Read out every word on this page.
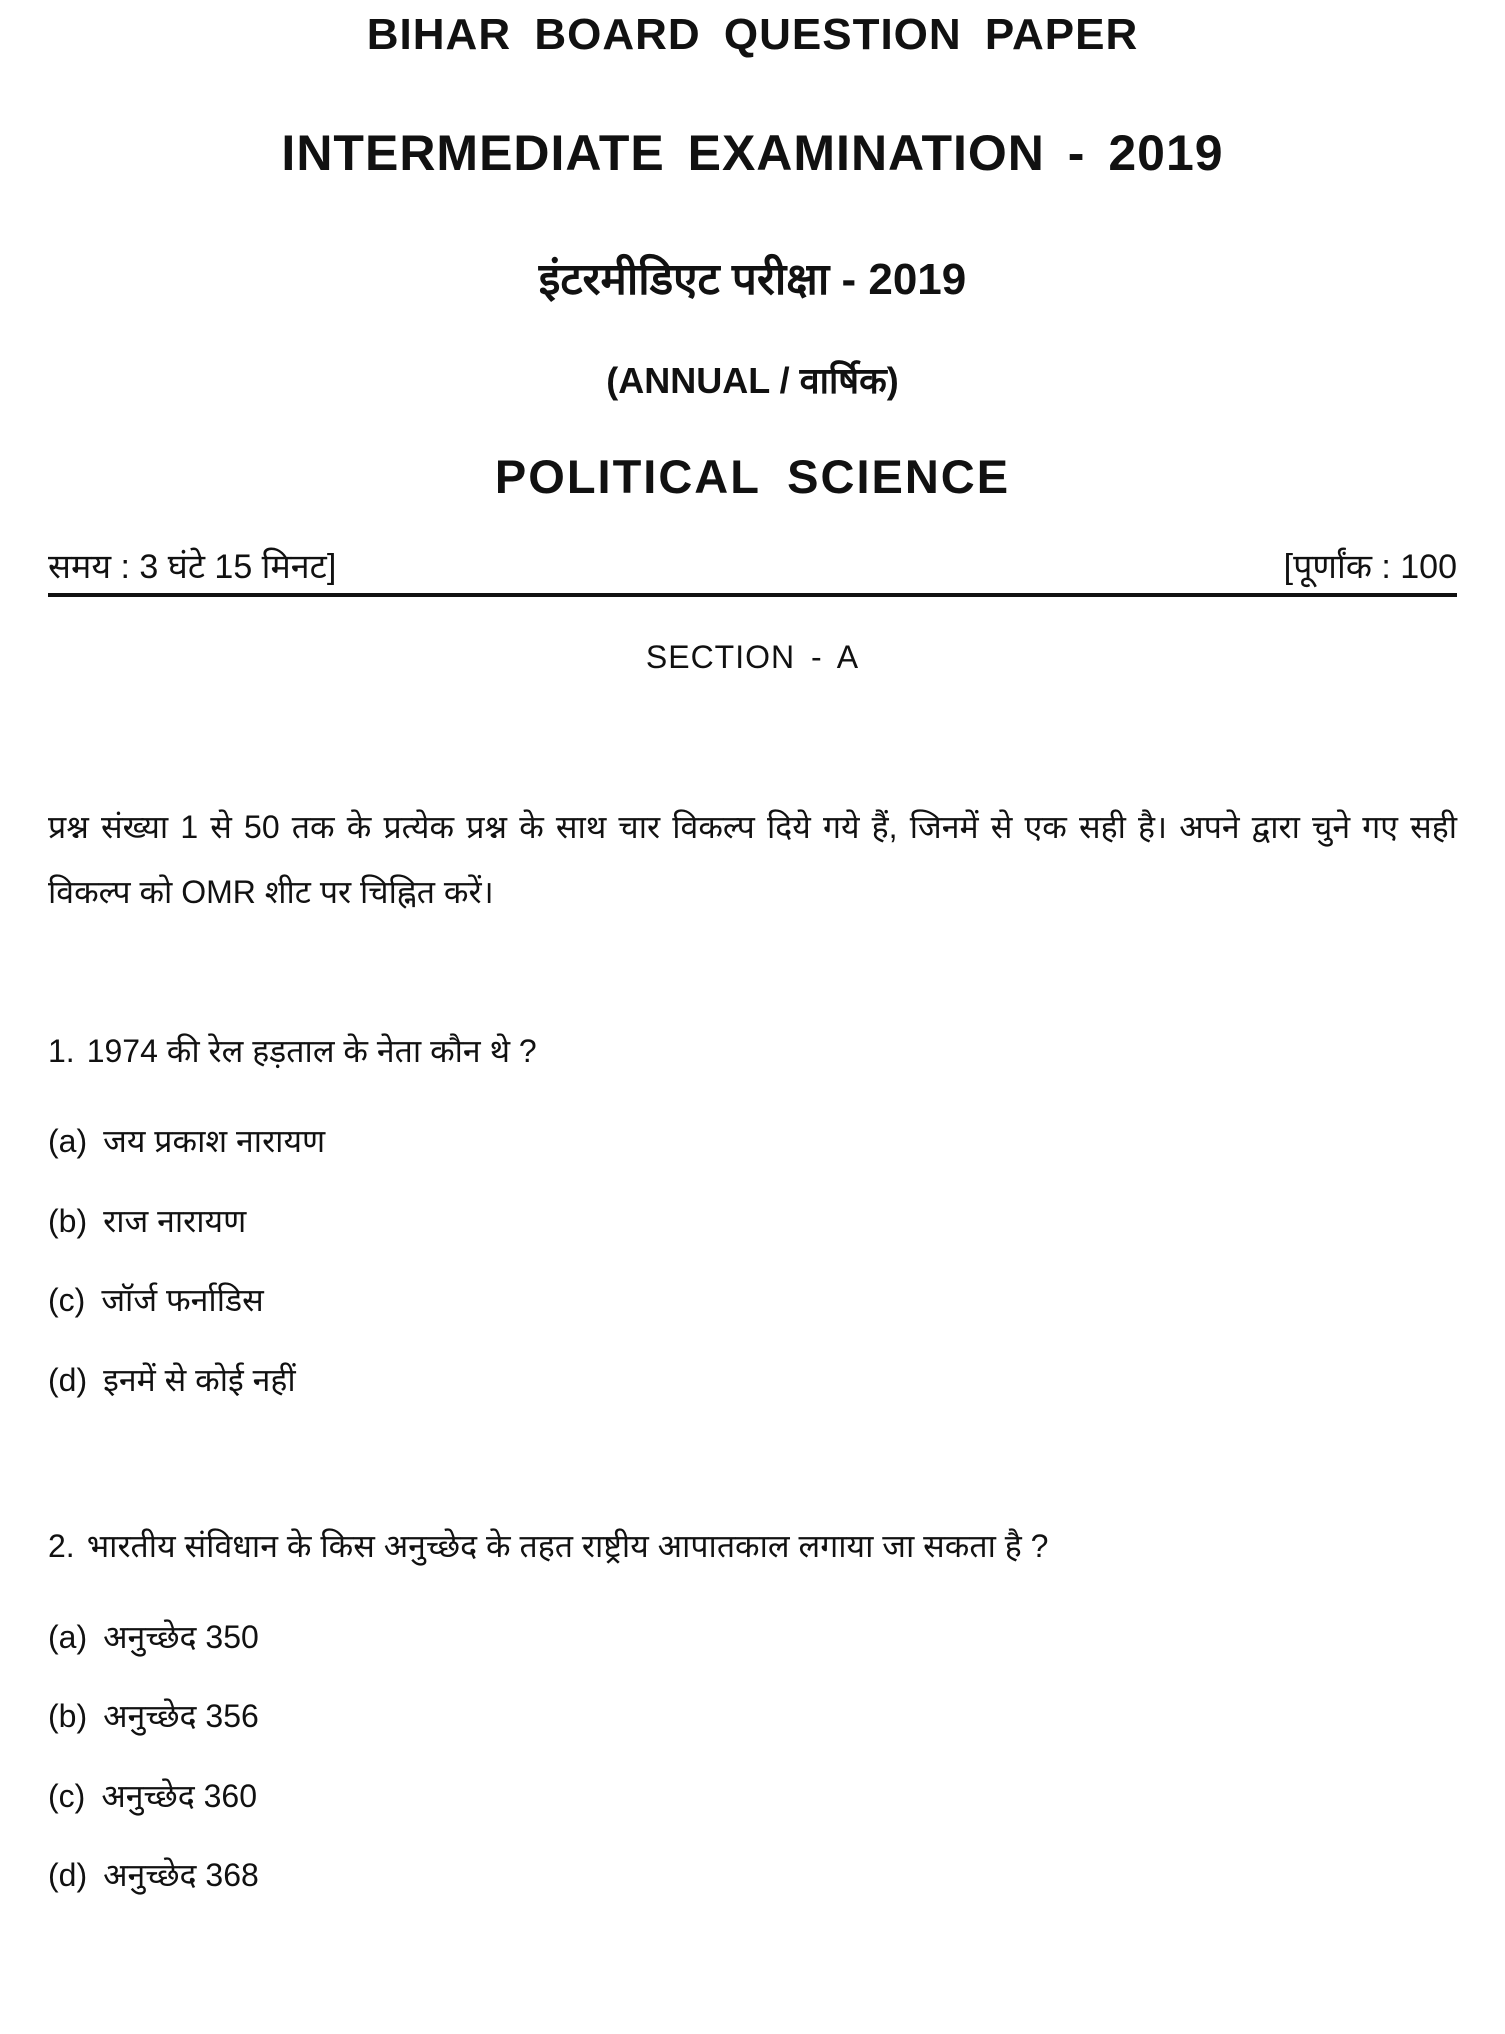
BIHAR BOARD QUESTION PAPER
INTERMEDIATE EXAMINATION - 2019
इंटरमीडिएट परीक्षा - 2019
(ANNUAL / वार्षिक)
POLITICAL SCIENCE
समय : 3 घंटे 15 मिनट]	[पूर्णांक : 100
SECTION - A

प्रश्न संख्या 1 से 50 तक के प्रत्येक प्रश्न के साथ चार विकल्प दिये गये हैं, जिनमें से एक सही है। अपने द्वारा चुने गए सही विकल्प को OMR शीट पर चिह्नित करें।

1. 1974 की रेल हड़ताल के नेता कौन थे ?

(a) जय प्रकाश नारायण
(b) राज नारायण
(c) जॉर्ज फर्नाडिस
(d) इनमें से कोई नहीं

2. भारतीय संविधान के किस अनुच्छेद के तहत राष्ट्रीय आपातकाल लगाया जा सकता है ?

(a) अनुच्छेद 350
(b) अनुच्छेद 356
(c) अनुच्छेद 360
(d) अनुच्छेद 368
